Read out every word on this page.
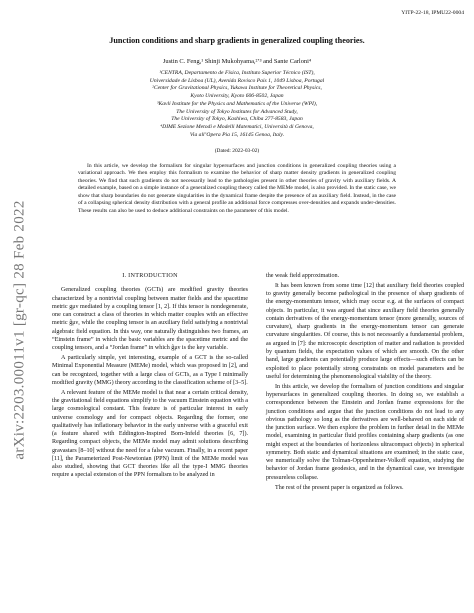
arXiv:2203.00011v1 [gr-qc] 28 Feb 2022
YITP-22-18, IPMU22-0004
Junction conditions and sharp gradients in generalized coupling theories.
Justin C. Feng,¹ Shinji Mukohyama,²ʼ³ and Sante Carloni⁴
¹CENTRA, Departamento de Física, Instituto Superior Técnico (IST),
Universidade de Lisboa (UL), Avenida Rovisco Pais 1, 1049 Lisboa, Portugal
²Center for Gravitational Physics, Yukawa Institute for Theoretical Physics,
Kyoto University, Kyoto 606-8502, Japan
³Kavli Institute for the Physics and Mathematics of the Universe (WPI),
The University of Tokyo Institutes for Advanced Study,
The University of Tokyo, Kashiwa, Chiba 277-8583, Japan
⁴DIME Sezione Metodi e Modelli Matematici, Università di Genova,
Via all’Opera Pia 15, 16145 Genoa, Italy.
(Dated: 2022-03-02)

In this article, we develop the formalism for singular hypersurfaces and junction conditions in generalized coupling theories using a variational approach. We then employ this formalism to examine the behavior of sharp matter density gradients in generalized coupling theories. We find that such gradients do not necessarily lead to the pathologies present in other theories of gravity with auxiliary fields. A detailed example, based on a simple instance of a generalized coupling theory called the MEMe model, is also provided. In the static case, we show that sharp boundaries do not generate singularities in the dynamical frame despite the presence of an auxiliary field. Instead, in the case of a collapsing spherical density distribution with a general profile an additional force compresses over-densities and expands under-densities. These results can also be used to deduce additional constraints on the parameter of this model.

I. INTRODUCTION

Generalized coupling theories (GCTs) are modified gravity theories characterized by a nontrivial coupling between matter fields and the spacetime metric gμν mediated by a coupling tensor [1, 2]. If this tensor is nondegenerate, one can construct a class of theories in which matter couples with an effective metric ĝμν, while the coupling tensor is an auxiliary field satisfying a nontrivial algebraic field equation. In this way, one naturally distinguishes two frames, an “Einstein frame” in which the basic variables are the spacetime metric and the coupling tensors, and a “Jordan frame” in which ĝμν is the key variable.

A particularly simple, yet interesting, example of a GCT is the so-called Minimal Exponential Measure (MEMe) model, which was proposed in [2], and can be recognized, together with a large class of GCTs, as a Type I minimally modified gravity (MMG) theory according to the classification scheme of [3–5].

A relevant feature of the MEMe model is that near a certain critical density, the gravitational field equations simplify to the vacuum Einstein equation with a large cosmological constant. This feature is of particular interest in early universe cosmology and for compact objects. Regarding the former, one qualitatively has inflationary behavior in the early universe with a graceful exit (a feature shared with Eddington-Inspired Born-Infeld theories [6, 7]). Regarding compact objects, the MEMe model may admit solutions describing gravastars [8–10] without the need for a false vacuum. Finally, in a recent paper [11], the Parameterized Post-Newtonian (PPN) limit of the MEMe model was also studied, showing that GCT theories like all the type-I MMG theories require a special extension of the PPN formalism to be analyzed in

the weak field approximation.

It has been known from some time [12] that auxiliary field theories coupled to gravity generally become pathological in the presence of sharp gradients of the energy-momentum tensor, which may occur e.g. at the surfaces of compact objects. In particular, it was argued that since auxiliary field theories generally contain derivatives of the energy-momentum tensor (more generally, sources of curvature), sharp gradients in the energy-momentum tensor can generate curvature singularities. Of course, this is not necessarily a fundamental problem, as argued in [7]: the microscopic description of matter and radiation is provided by quantum fields, the expectation values of which are smooth. On the other hand, large gradients can potentially produce large effects—such effects can be exploited to place potentially strong constraints on model parameters and be useful for determining the phenomenological viability of the theory.

In this article, we develop the formalism of junction conditions and singular hypersurfaces in generalized coupling theories. In doing so, we establish a correspondence between the Einstein and Jordan frame expressions for the junction conditions and argue that the junction conditions do not lead to any obvious pathology so long as the derivatives are well-behaved on each side of the junction surface. We then explore the problem in further detail in the MEMe model, examining in particular fluid profiles containing sharp gradients (as one might expect at the boundaries of horizonless ultracompact objects) in spherical symmetry. Both static and dynamical situations are examined; in the static case, we numerically solve the Tolman-Oppenheimer-Volkoff equation, studying the behavior of Jordan frame geodesics, and in the dynamical case, we investigate pressureless collapse.

The rest of the present paper is organized as follows.
